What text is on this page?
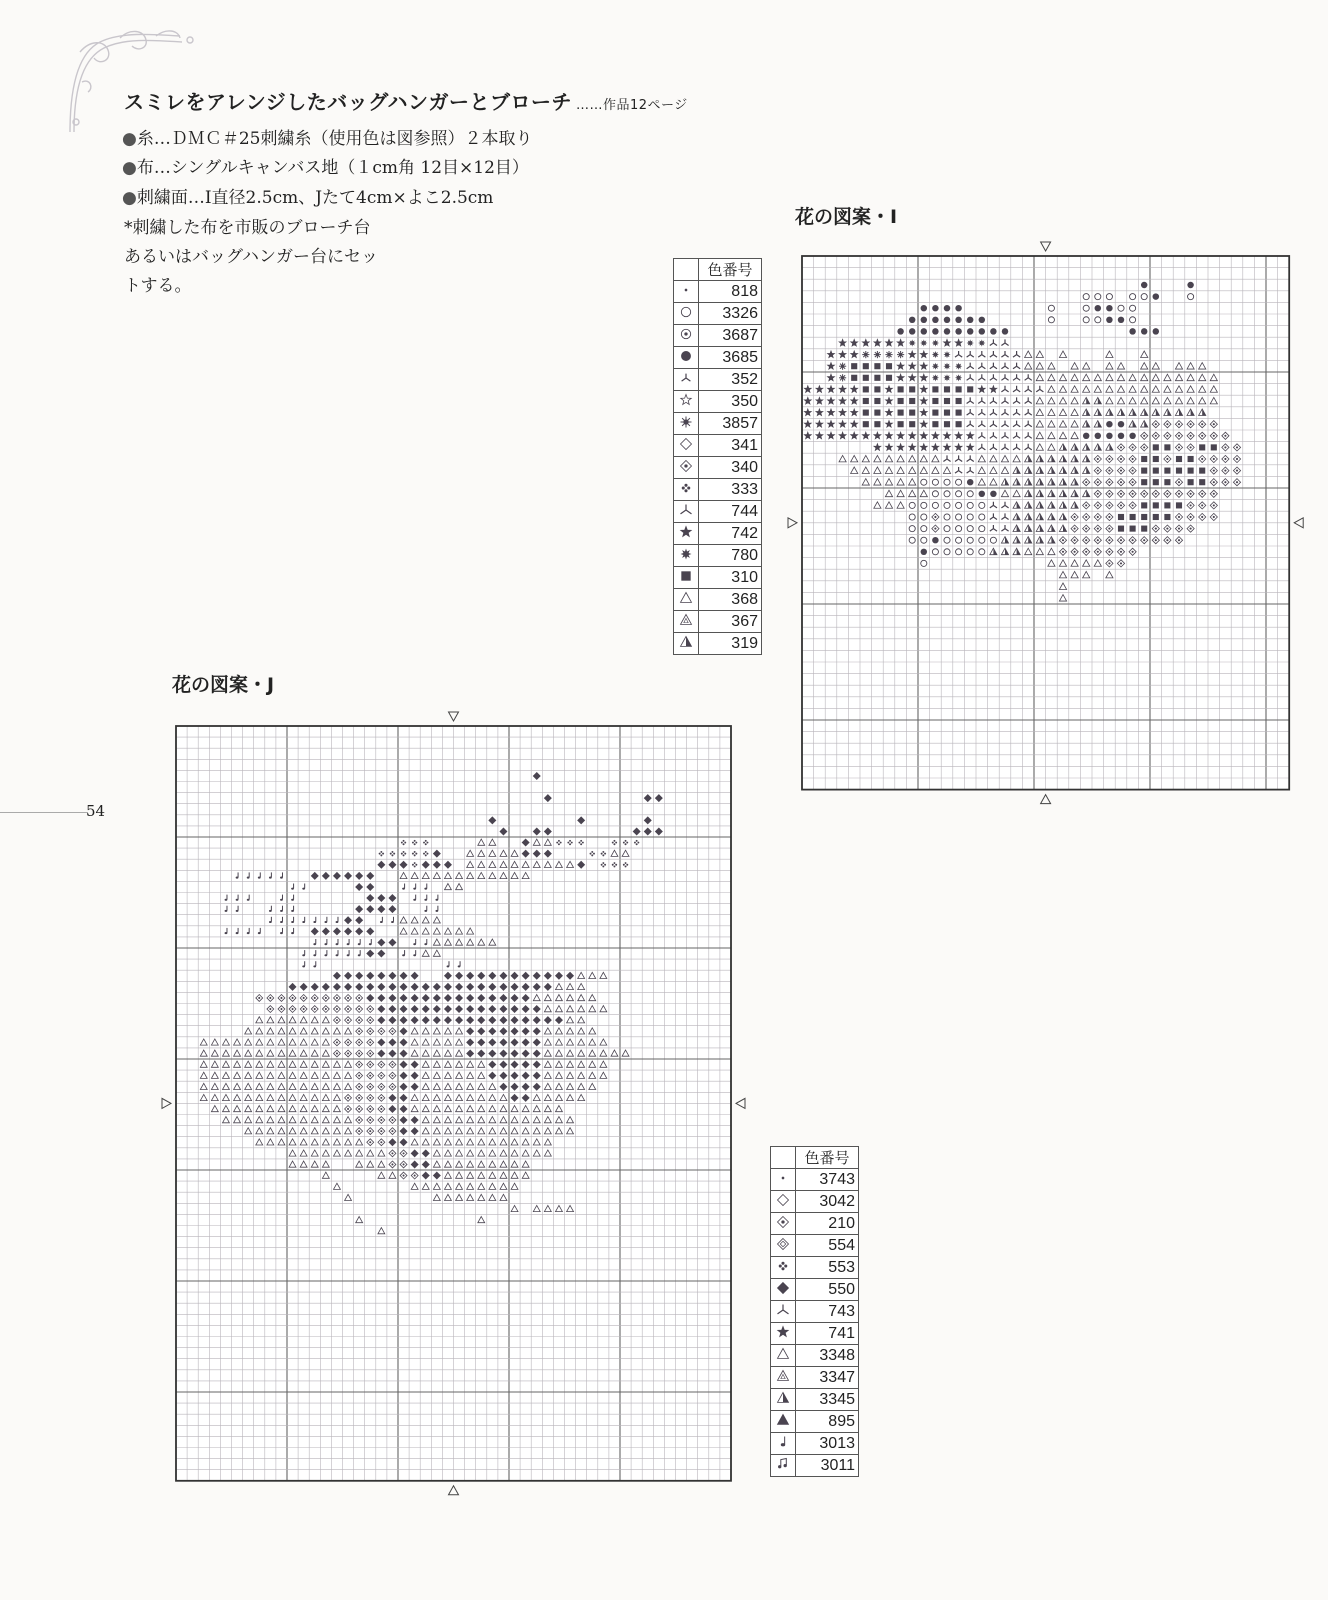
スミレをアレンジしたバッグハンガーとブローチ ……作品12ページ
●糸…ＤＭＣ＃25刺繍糸（使用色は図参照）２本取り
●布…シングルキャンバス地（１cm角 12目×12目）
●刺繍面…I直径2.5cm、Jたて4cm×よこ2.5cm
*刺繍した布を市販のブローチ台
あるいはバッグハンガー台にセッ
トする。
花の図案・I
花の図案・J
54
	色番号
	818
	3326
	3687
	3685
	352
	350
	3857
	341
	340
	333
	744
	742
	780
	310
	368
	367
	319
	色番号
	3743
	3042
	210
	554
	553
	550
	743
	741
	3348
	3347
	3345
	895
	3013
	3011
